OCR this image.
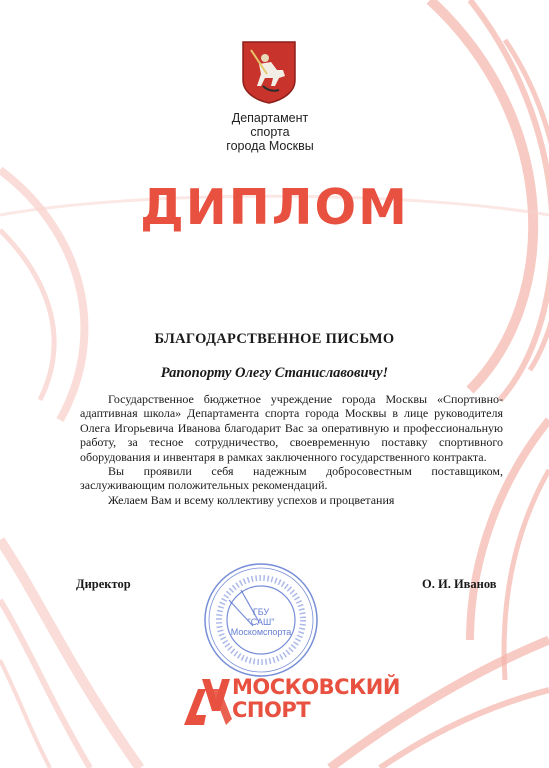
Департамент
спорта
города Москвы
ДИПЛОМ
БЛАГОДАРСТВЕННОЕ ПИСЬМО
Рапопорту Олегу Станиславовичу!

Государственное бюджетное учреждение города Москвы «Спортивно-адаптивная школа» Департамента спорта города Москвы в лице руководителя Олега Игорьевича Иванова благодарит Вас за оперативную и профессиональную работу, за тесное сотрудничество, своевременную поставку спортивного оборудования и инвентаря в рамках заключенного государственного контракта.

Вы проявили себя надежным добросовестным поставщиком, заслуживающим положительных рекомендаций.

Желаем Вам и всему коллективу успехов и процветания

Директор	О. И. Иванов
ГБУ
"САШ"
Москомспорта
МОСКОВСКИЙ
СПОРТ
